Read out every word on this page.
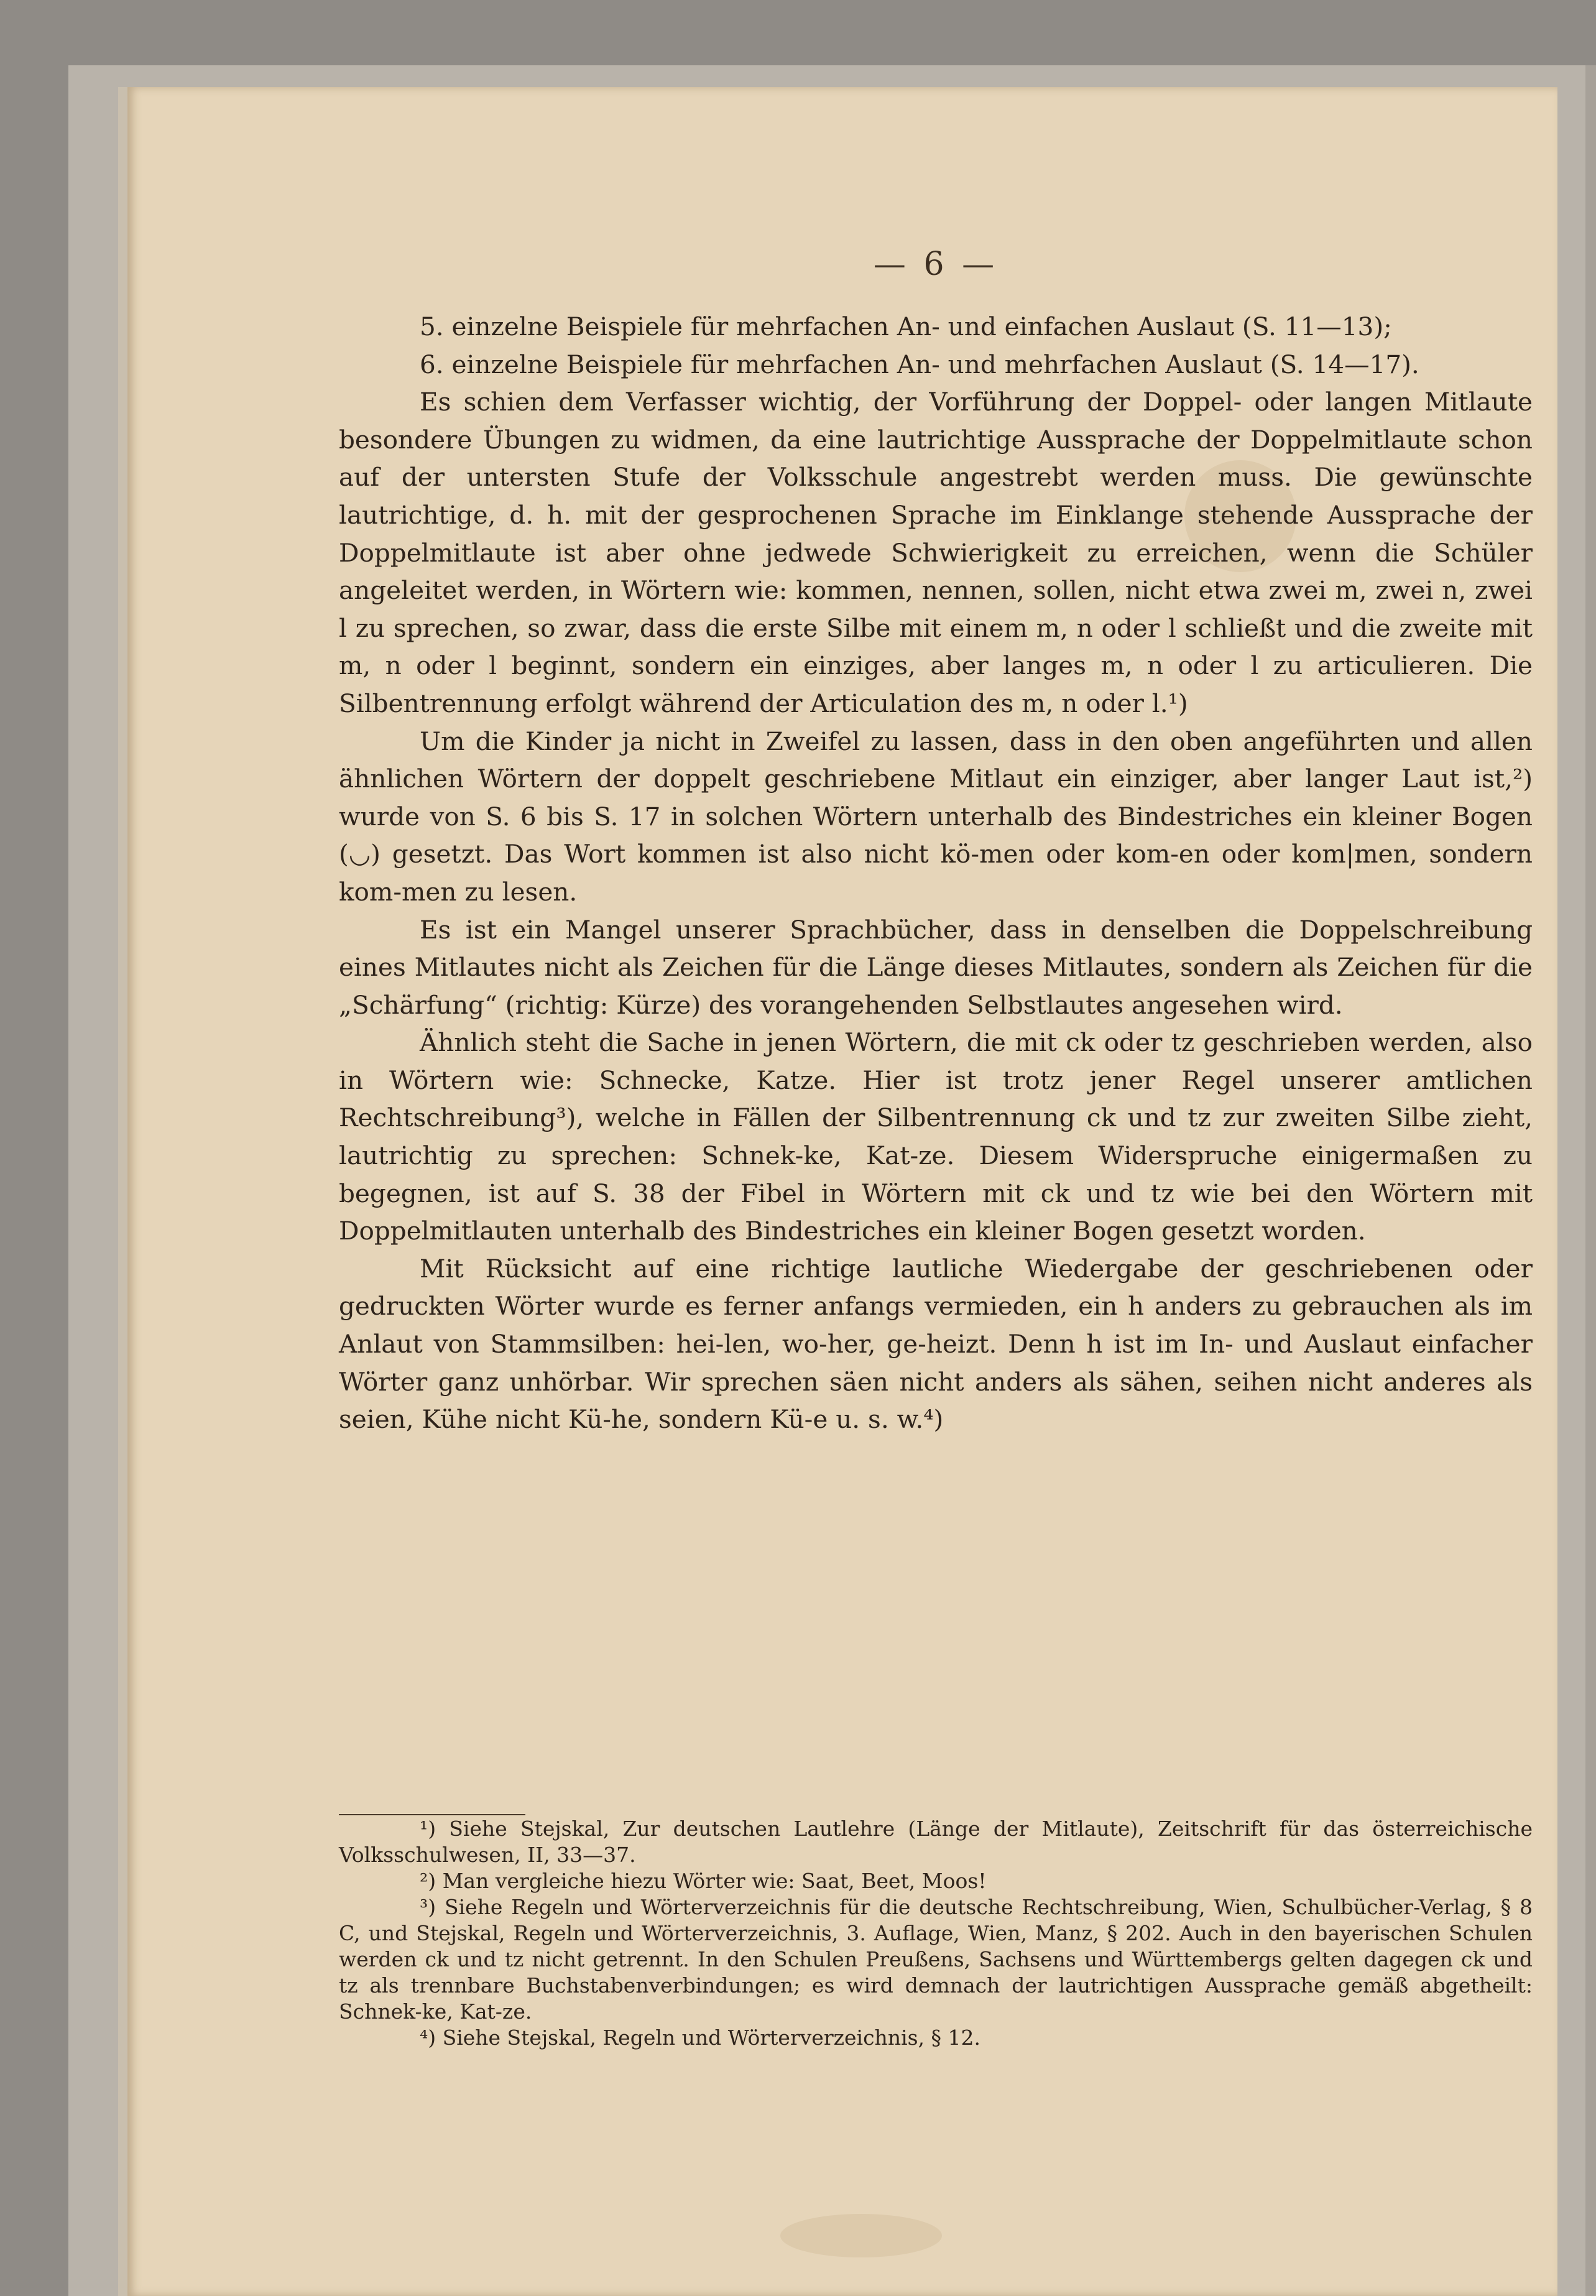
— 6 —

5. einzelne Beispiele für mehrfachen An- und einfachen Auslaut (S. 11—13);

6. einzelne Beispiele für mehrfachen An- und mehrfachen Auslaut (S. 14—17).

Es schien dem Verfasser wichtig, der Vorführung der Doppel- oder langen Mitlaute besondere Übungen zu widmen, da eine lautrichtige Aussprache der Doppelmitlaute schon auf der untersten Stufe der Volksschule angestrebt werden muss. Die gewünschte lautrichtige, d. h. mit der gesprochenen Sprache im Einklange stehende Aussprache der Doppelmitlaute ist aber ohne jedwede Schwierigkeit zu erreichen, wenn die Schüler angeleitet werden, in Wörtern wie: kommen, nennen, sollen, nicht etwa zwei m, zwei n, zwei l zu sprechen, so zwar, dass die erste Silbe mit einem m, n oder l schließt und die zweite mit m, n oder l beginnt, sondern ein einziges, aber langes m, n oder l zu articulieren. Die Silbentrennung erfolgt während der Articulation des m, n oder l.¹)

Um die Kinder ja nicht in Zweifel zu lassen, dass in den oben angeführten und allen ähnlichen Wörtern der doppelt geschriebene Mitlaut ein einziger, aber langer Laut ist,²) wurde von S. 6 bis S. 17 in solchen Wörtern unterhalb des Bindestriches ein kleiner Bogen (◡) gesetzt. Das Wort kommen ist also nicht kö-men oder kom-en oder kom|men, sondern kom-men zu lesen.

Es ist ein Mangel unserer Sprachbücher, dass in denselben die Doppelschreibung eines Mitlautes nicht als Zeichen für die Länge dieses Mitlautes, sondern als Zeichen für die „Schärfung“ (richtig: Kürze) des vorangehenden Selbstlautes angesehen wird.

Ähnlich steht die Sache in jenen Wörtern, die mit ck oder tz geschrieben werden, also in Wörtern wie: Schnecke, Katze. Hier ist trotz jener Regel unserer amtlichen Rechtschreibung³), welche in Fällen der Silbentrennung ck und tz zur zweiten Silbe zieht, lautrichtig zu sprechen: Schnek-ke, Kat-ze. Diesem Widerspruche einigermaßen zu begegnen, ist auf S. 38 der Fibel in Wörtern mit ck und tz wie bei den Wörtern mit Doppelmitlauten unterhalb des Bindestriches ein kleiner Bogen gesetzt worden.

Mit Rücksicht auf eine richtige lautliche Wiedergabe der geschriebenen oder gedruckten Wörter wurde es ferner anfangs vermieden, ein h anders zu gebrauchen als im Anlaut von Stammsilben: hei-len, wo-her, ge-heizt. Denn h ist im In- und Auslaut einfacher Wörter ganz unhörbar. Wir sprechen säen nicht anders als sähen, seihen nicht anderes als seien, Kühe nicht Kü-he, sondern Kü-e u. s. w.⁴)

¹) Siehe Stejskal, Zur deutschen Lautlehre (Länge der Mitlaute), Zeitschrift für das österreichische Volksschulwesen, II, 33—37.

²) Man vergleiche hiezu Wörter wie: Saat, Beet, Moos!

³) Siehe Regeln und Wörterverzeichnis für die deutsche Rechtschreibung, Wien, Schulbücher-Verlag, § 8 C, und Stejskal, Regeln und Wörterverzeichnis, 3. Auflage, Wien, Manz, § 202. Auch in den bayerischen Schulen werden ck und tz nicht getrennt. In den Schulen Preußens, Sachsens und Württembergs gelten dagegen ck und tz als trennbare Buchstabenverbindungen; es wird demnach der lautrichtigen Aussprache gemäß abgetheilt: Schnek-ke, Kat-ze.

⁴) Siehe Stejskal, Regeln und Wörterverzeichnis, § 12.
